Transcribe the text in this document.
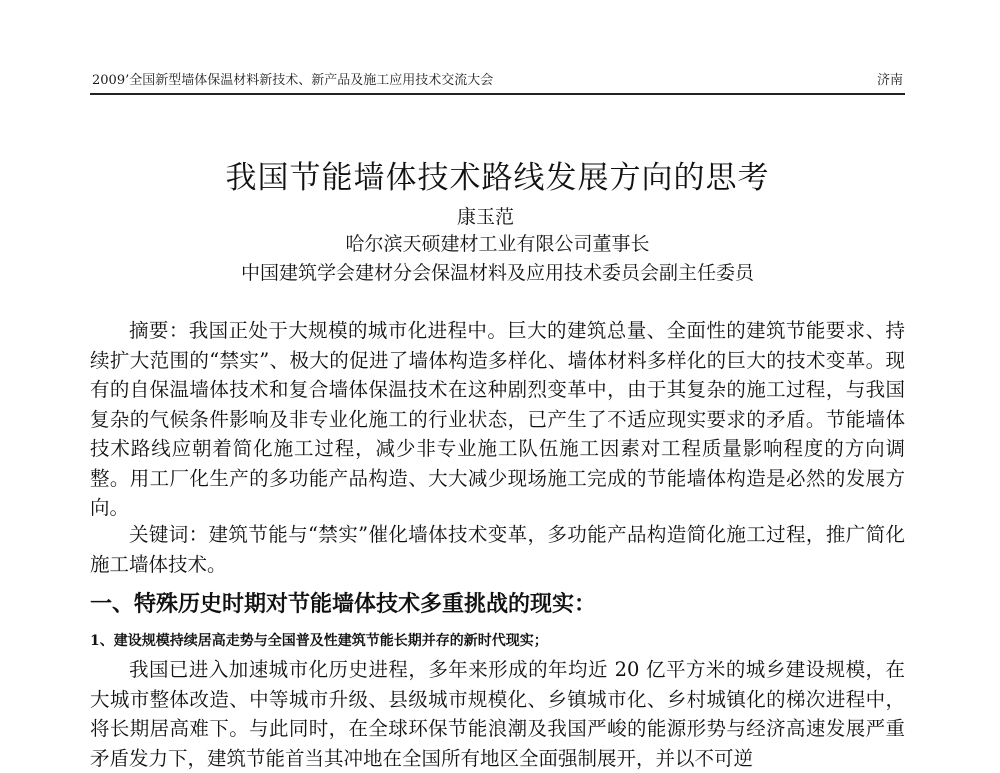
2009’全国新型墙体保温材料新技术、新产品及施工应用技术交流大会	济南
我国节能墙体技术路线发展方向的思考
康玉范
哈尔滨天硕建材工业有限公司董事长
中国建筑学会建材分会保温材料及应用技术委员会副主任委员

摘要：我国正处于大规模的城市化进程中。巨大的建筑总量、全面性的建筑节能要求、持续扩大范围的“禁实”、极大的促进了墙体构造多样化、墙体材料多样化的巨大的技术变革。现有的自保温墙体技术和复合墙体保温技术在这种剧烈变革中，由于其复杂的施工过程，与我国复杂的气候条件影响及非专业化施工的行业状态，已产生了不适应现实要求的矛盾。节能墙体技术路线应朝着简化施工过程，减少非专业施工队伍施工因素对工程质量影响程度的方向调整。用工厂化生产的多功能产品构造、大大减少现场施工完成的节能墙体构造是必然的发展方向。

关键词：建筑节能与“禁实”催化墙体技术变革，多功能产品构造简化施工过程，推广简化施工墙体技术。

一、特殊历史时期对节能墙体技术多重挑战的现实：
1、建设规模持续居高走势与全国普及性建筑节能长期并存的新时代现实；

我国已进入加速城市化历史进程，多年来形成的年均近 20 亿平方米的城乡建设规模，在大城市整体改造、中等城市升级、县级城市规模化、乡镇城市化、乡村城镇化的梯次进程中，将长期居高难下。与此同时，在全球环保节能浪潮及我国严峻的能源形势与经济高速发展严重矛盾发力下，建筑节能首当其冲地在全国所有地区全面强制展开，并以不可逆
